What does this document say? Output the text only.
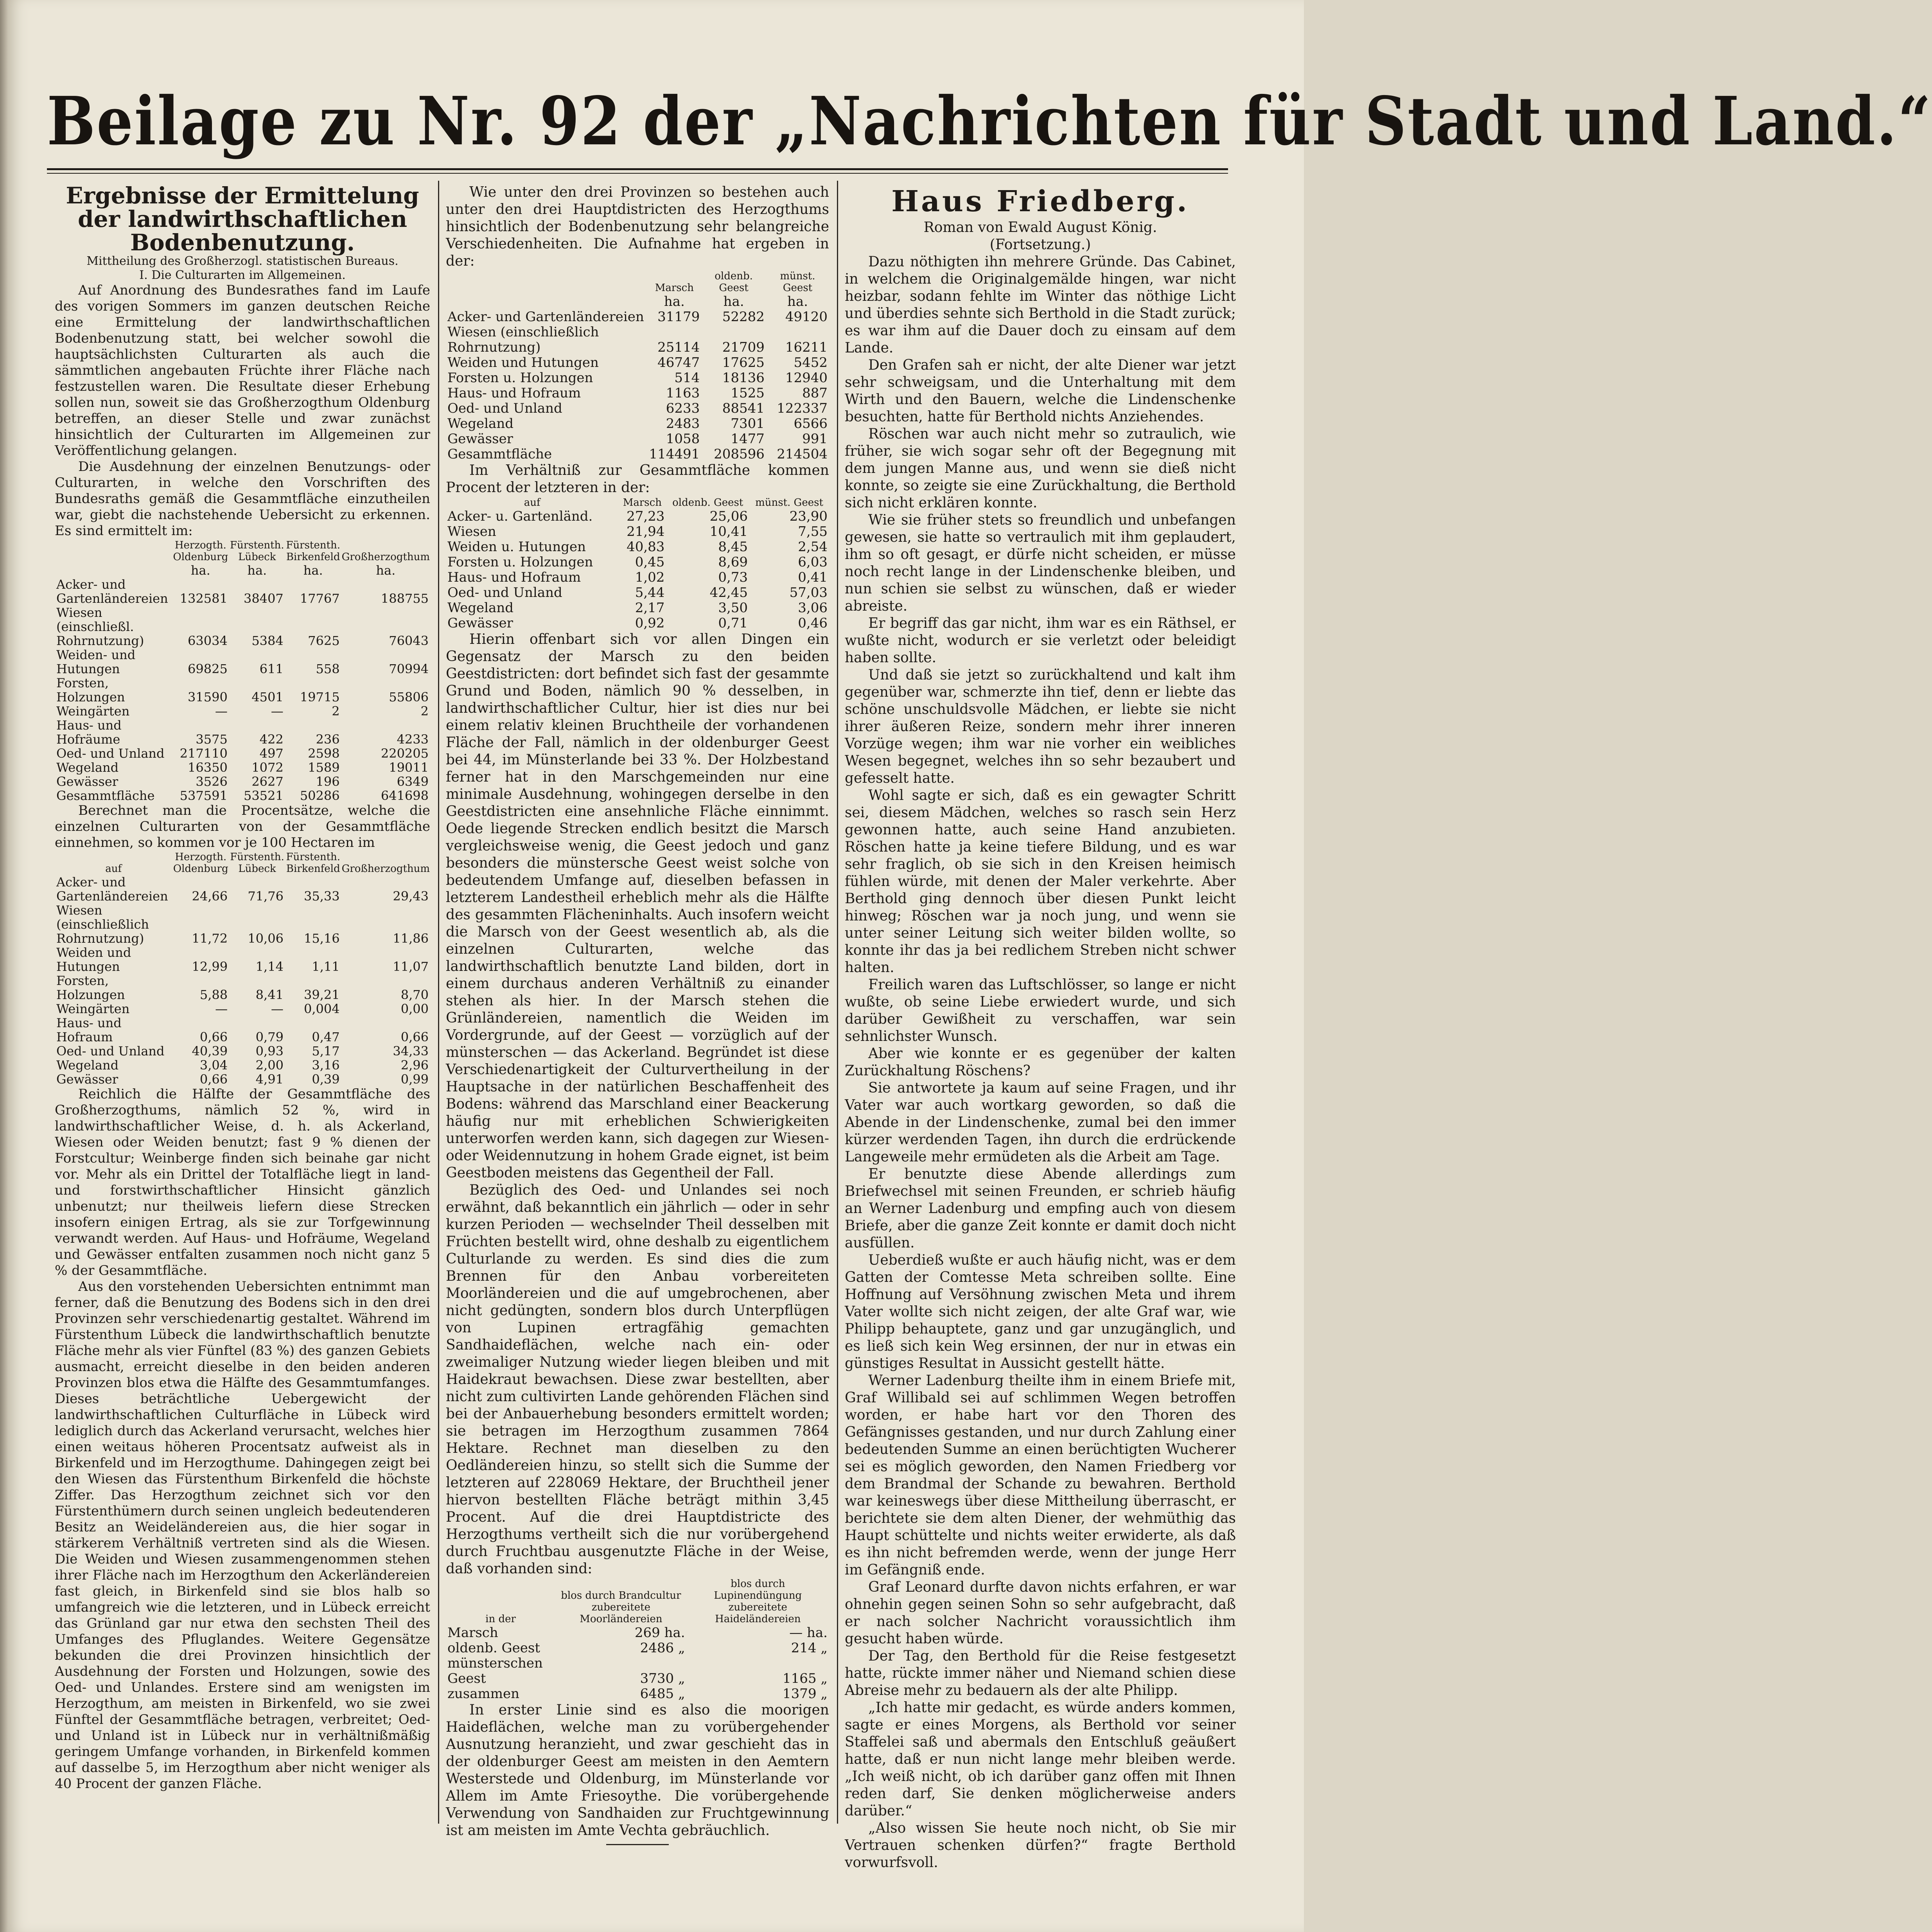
Beilage zu Nr. 92 der „Nachrichten für Stadt und Land.“
Ergebnisse der Ermittelung der landwirthschaftlichen Bodenbenutzung.
Mittheilung des Großherzogl. statistischen Bureaus.
I. Die Culturarten im Allgemeinen.

Auf Anordnung des Bundesrathes fand im Laufe des vorigen Sommers im ganzen deutschen Reiche eine Ermittelung der landwirthschaftlichen Bodenbenutzung statt, bei welcher sowohl die hauptsächlichsten Culturarten als auch die sämmtlichen angebauten Früchte ihrer Fläche nach festzustellen waren. Die Resultate dieser Erhebung sollen nun, soweit sie das Großherzogthum Oldenburg betreffen, an dieser Stelle und zwar zunächst hinsichtlich der Culturarten im Allgemeinen zur Veröffentlichung gelangen.

Die Ausdehnung der einzelnen Benutzungs- oder Culturarten, in welche den Vorschriften des Bundesraths gemäß die Gesammtfläche einzutheilen war, giebt die nachstehende Uebersicht zu erkennen. Es sind ermittelt im:

	Herzogth. Oldenburg	Fürstenth. Lübeck	Fürstenth. Birkenfeld	Großherzogthum
	ha.	ha.	ha.	ha.
Acker- und Gartenländereien	132581	38407	17767	188755
Wiesen (einschließl. Rohrnutzung)	63034	5384	7625	76043
Weiden- und Hutungen	69825	611	558	70994
Forsten, Holzungen	31590	4501	19715	55806
Weingärten	—	—	2	2
Haus- und Hofräume	3575	422	236	4233
Oed- und Unland	217110	497	2598	220205
Wegeland	16350	1072	1589	19011
Gewässer	3526	2627	196	6349
Gesammtfläche	537591	53521	50286	641698

Berechnet man die Procentsätze, welche die einzelnen Culturarten von der Gesammtfläche einnehmen, so kommen vor je 100 Hectaren im

auf	Herzogth. Oldenburg	Fürstenth. Lübeck	Fürstenth. Birkenfeld	Großherzogthum
Acker- und Gartenländereien	24,66	71,76	35,33	29,43
Wiesen (einschließlich Rohrnutzung)	11,72	10,06	15,16	11,86
Weiden und Hutungen	12,99	1,14	1,11	11,07
Forsten, Holzungen	5,88	8,41	39,21	8,70
Weingärten	—	—	0,004	0,00
Haus- und Hofraum	0,66	0,79	0,47	0,66
Oed- und Unland	40,39	0,93	5,17	34,33
Wegeland	3,04	2,00	3,16	2,96
Gewässer	0,66	4,91	0,39	0,99

Reichlich die Hälfte der Gesammtfläche des Großherzogthums, nämlich 52 %, wird in landwirthschaftlicher Weise, d. h. als Ackerland, Wiesen oder Weiden benutzt; fast 9 % dienen der Forstcultur; Weinberge finden sich beinahe gar nicht vor. Mehr als ein Drittel der Totalfläche liegt in land- und forstwirthschaftlicher Hinsicht gänzlich unbenutzt; nur theilweis liefern diese Strecken insofern einigen Ertrag, als sie zur Torfgewinnung verwandt werden. Auf Haus- und Hofräume, Wegeland und Gewässer entfalten zusammen noch nicht ganz 5 % der Gesammtfläche.

Aus den vorstehenden Uebersichten entnimmt man ferner, daß die Benutzung des Bodens sich in den drei Provinzen sehr verschiedenartig gestaltet. Während im Fürstenthum Lübeck die landwirthschaftlich benutzte Fläche mehr als vier Fünftel (83 %) des ganzen Gebiets ausmacht, erreicht dieselbe in den beiden anderen Provinzen blos etwa die Hälfte des Gesammtumfanges. Dieses beträchtliche Uebergewicht der landwirthschaftlichen Culturfläche in Lübeck wird lediglich durch das Ackerland verursacht, welches hier einen weitaus höheren Procentsatz aufweist als in Birkenfeld und im Herzogthume. Dahingegen zeigt bei den Wiesen das Fürstenthum Birkenfeld die höchste Ziffer. Das Herzogthum zeichnet sich vor den Fürstenthümern durch seinen ungleich bedeutenderen Besitz an Weideländereien aus, die hier sogar in stärkerem Verhältniß vertreten sind als die Wiesen. Die Weiden und Wiesen zusammengenommen stehen ihrer Fläche nach im Herzogthum den Ackerländereien fast gleich, in Birkenfeld sind sie blos halb so umfangreich wie die letzteren, und in Lübeck erreicht das Grünland gar nur etwa den sechsten Theil des Umfanges des Pfluglandes. Weitere Gegensätze bekunden die drei Provinzen hinsichtlich der Ausdehnung der Forsten und Holzungen, sowie des Oed- und Unlandes. Erstere sind am wenigsten im Herzogthum, am meisten in Birkenfeld, wo sie zwei Fünftel der Gesammtfläche betragen, verbreitet; Oed- und Unland ist in Lübeck nur in verhältnißmäßig geringem Umfange vorhanden, in Birkenfeld kommen auf dasselbe 5, im Herzogthum aber nicht weniger als 40 Procent der ganzen Fläche.

Wie unter den drei Provinzen so bestehen auch unter den drei Hauptdistricten des Herzogthums hinsichtlich der Bodenbenutzung sehr belangreiche Verschiedenheiten. Die Aufnahme hat ergeben in der:

	Marsch	oldenb. Geest	münst. Geest
	ha.	ha.	ha.
Acker- und Gartenländereien	31179	52282	49120
Wiesen (einschließlich Rohrnutzung)	25114	21709	16211
Weiden und Hutungen	46747	17625	5452
Forsten u. Holzungen	514	18136	12940
Haus- und Hofraum	1163	1525	887
Oed- und Unland	6233	88541	122337
Wegeland	2483	7301	6566
Gewässer	1058	1477	991
Gesammtfläche	114491	208596	214504

Im Verhältniß zur Gesammtfläche kommen Procent der letzteren in der:

auf	Marsch	oldenb. Geest	münst. Geest
Acker- u. Gartenländ.	27,23	25,06	23,90
Wiesen	21,94	10,41	7,55
Weiden u. Hutungen	40,83	8,45	2,54
Forsten u. Holzungen	0,45	8,69	6,03
Haus- und Hofraum	1,02	0,73	0,41
Oed- und Unland	5,44	42,45	57,03
Wegeland	2,17	3,50	3,06
Gewässer	0,92	0,71	0,46

Hierin offenbart sich vor allen Dingen ein Gegensatz der Marsch zu den beiden Geestdistricten: dort befindet sich fast der gesammte Grund und Boden, nämlich 90 % desselben, in landwirthschaftlicher Cultur, hier ist dies nur bei einem relativ kleinen Bruchtheile der vorhandenen Fläche der Fall, nämlich in der oldenburger Geest bei 44, im Münsterlande bei 33 %. Der Holzbestand ferner hat in den Marschgemeinden nur eine minimale Ausdehnung, wohingegen derselbe in den Geestdistricten eine ansehnliche Fläche einnimmt. Oede liegende Strecken endlich besitzt die Marsch vergleichsweise wenig, die Geest jedoch und ganz besonders die münstersche Geest weist solche von bedeutendem Umfange auf, dieselben befassen in letzterem Landestheil erheblich mehr als die Hälfte des gesammten Flächeninhalts. Auch insofern weicht die Marsch von der Geest wesentlich ab, als die einzelnen Culturarten, welche das landwirthschaftlich benutzte Land bilden, dort in einem durchaus anderen Verhältniß zu einander stehen als hier. In der Marsch stehen die Grünländereien, namentlich die Weiden im Vordergrunde, auf der Geest — vorzüglich auf der münsterschen — das Ackerland. Begründet ist diese Verschiedenartigkeit der Culturvertheilung in der Hauptsache in der natürlichen Beschaffenheit des Bodens: während das Marschland einer Beackerung häufig nur mit erheblichen Schwierigkeiten unterworfen werden kann, sich dagegen zur Wiesen- oder Weidennutzung in hohem Grade eignet, ist beim Geestboden meistens das Gegentheil der Fall.

Bezüglich des Oed- und Unlandes sei noch erwähnt, daß bekanntlich ein jährlich — oder in sehr kurzen Perioden — wechselnder Theil desselben mit Früchten bestellt wird, ohne deshalb zu eigentlichem Culturlande zu werden. Es sind dies die zum Brennen für den Anbau vorbereiteten Moorländereien und die auf umgebrochenen, aber nicht gedüngten, sondern blos durch Unterpflügen von Lupinen ertragfähig gemachten Sandhaideflächen, welche nach ein- oder zweimaliger Nutzung wieder liegen bleiben und mit Haidekraut bewachsen. Diese zwar bestellten, aber nicht zum cultivirten Lande gehörenden Flächen sind bei der Anbauerhebung besonders ermittelt worden; sie betragen im Herzogthum zusammen 7864 Hektare. Rechnet man dieselben zu den Oedländereien hinzu, so stellt sich die Summe der letzteren auf 228069 Hektare, der Bruchtheil jener hiervon bestellten Fläche beträgt mithin 3,45 Procent. Auf die drei Hauptdistricte des Herzogthums vertheilt sich die nur vorübergehend durch Fruchtbau ausgenutzte Fläche in der Weise, daß vorhanden sind:

in der	blos durch Brandcultur zubereitete Moorländereien	blos durch Lupinendüngung zubereitete Haideländereien
Marsch	269 ha.	— ha.
oldenb. Geest	2486 „	214 „
münsterschen Geest	3730 „	1165 „
zusammen	6485 „	1379 „

In erster Linie sind es also die moorigen Haideflächen, welche man zu vorübergehender Ausnutzung heranzieht, und zwar geschieht das in der oldenburger Geest am meisten in den Aemtern Westerstede und Oldenburg, im Münsterlande vor Allem im Amte Friesoythe. Die vorübergehende Verwendung von Sandhaiden zur Fruchtgewinnung ist am meisten im Amte Vechta gebräuchlich.

Haus Friedberg.
Roman von Ewald August König.
(Fortsetzung.)

Dazu nöthigten ihn mehrere Gründe. Das Cabinet, in welchem die Originalgemälde hingen, war nicht heizbar, sodann fehlte im Winter das nöthige Licht und überdies sehnte sich Berthold in die Stadt zurück; es war ihm auf die Dauer doch zu einsam auf dem Lande.

Den Grafen sah er nicht, der alte Diener war jetzt sehr schweigsam, und die Unterhaltung mit dem Wirth und den Bauern, welche die Lindenschenke besuchten, hatte für Berthold nichts Anziehendes.

Röschen war auch nicht mehr so zutraulich, wie früher, sie wich sogar sehr oft der Begegnung mit dem jungen Manne aus, und wenn sie dieß nicht konnte, so zeigte sie eine Zurückhaltung, die Berthold sich nicht erklären konnte.

Wie sie früher stets so freundlich und unbefangen gewesen, sie hatte so vertraulich mit ihm geplaudert, ihm so oft gesagt, er dürfe nicht scheiden, er müsse noch recht lange in der Lindenschenke bleiben, und nun schien sie selbst zu wünschen, daß er wieder abreiste.

Er begriff das gar nicht, ihm war es ein Räthsel, er wußte nicht, wodurch er sie verletzt oder beleidigt haben sollte.

Und daß sie jetzt so zurückhaltend und kalt ihm gegenüber war, schmerzte ihn tief, denn er liebte das schöne unschuldsvolle Mädchen, er liebte sie nicht ihrer äußeren Reize, sondern mehr ihrer inneren Vorzüge wegen; ihm war nie vorher ein weibliches Wesen begegnet, welches ihn so sehr bezaubert und gefesselt hatte.

Wohl sagte er sich, daß es ein gewagter Schritt sei, diesem Mädchen, welches so rasch sein Herz gewonnen hatte, auch seine Hand anzubieten. Röschen hatte ja keine tiefere Bildung, und es war sehr fraglich, ob sie sich in den Kreisen heimisch fühlen würde, mit denen der Maler verkehrte. Aber Berthold ging dennoch über diesen Punkt leicht hinweg; Röschen war ja noch jung, und wenn sie unter seiner Leitung sich weiter bilden wollte, so konnte ihr das ja bei redlichem Streben nicht schwer halten.

Freilich waren das Luftschlösser, so lange er nicht wußte, ob seine Liebe erwiedert wurde, und sich darüber Gewißheit zu verschaffen, war sein sehnlichster Wunsch.

Aber wie konnte er es gegenüber der kalten Zurückhaltung Röschens?

Sie antwortete ja kaum auf seine Fragen, und ihr Vater war auch wortkarg geworden, so daß die Abende in der Lindenschenke, zumal bei den immer kürzer werdenden Tagen, ihn durch die erdrückende Langeweile mehr ermüdeten als die Arbeit am Tage.

Er benutzte diese Abende allerdings zum Briefwechsel mit seinen Freunden, er schrieb häufig an Werner Ladenburg und empfing auch von diesem Briefe, aber die ganze Zeit konnte er damit doch nicht ausfüllen.

Ueberdieß wußte er auch häufig nicht, was er dem Gatten der Comtesse Meta schreiben sollte. Eine Hoffnung auf Versöhnung zwischen Meta und ihrem Vater wollte sich nicht zeigen, der alte Graf war, wie Philipp behauptete, ganz und gar unzugänglich, und es ließ sich kein Weg ersinnen, der nur in etwas ein günstiges Resultat in Aussicht gestellt hätte.

Werner Ladenburg theilte ihm in einem Briefe mit, Graf Willibald sei auf schlimmen Wegen betroffen worden, er habe hart vor den Thoren des Gefängnisses gestanden, und nur durch Zahlung einer bedeutenden Summe an einen berüchtigten Wucherer sei es möglich geworden, den Namen Friedberg vor dem Brandmal der Schande zu bewahren. Berthold war keineswegs über diese Mittheilung überrascht, er berichtete sie dem alten Diener, der wehmüthig das Haupt schüttelte und nichts weiter erwiderte, als daß es ihn nicht befremden werde, wenn der junge Herr im Gefängniß ende.

Graf Leonard durfte davon nichts erfahren, er war ohnehin gegen seinen Sohn so sehr aufgebracht, daß er nach solcher Nachricht voraussichtlich ihm gesucht haben würde.

Der Tag, den Berthold für die Reise festgesetzt hatte, rückte immer näher und Niemand schien diese Abreise mehr zu bedauern als der alte Philipp.

„Ich hatte mir gedacht, es würde anders kommen, sagte er eines Morgens, als Berthold vor seiner Staffelei saß und abermals den Entschluß geäußert hatte, daß er nun nicht lange mehr bleiben werde. „Ich weiß nicht, ob ich darüber ganz offen mit Ihnen reden darf, Sie denken möglicherweise anders darüber.“

„Also wissen Sie heute noch nicht, ob Sie mir Vertrauen schenken dürfen?“ fragte Berthold vorwurfsvoll.
